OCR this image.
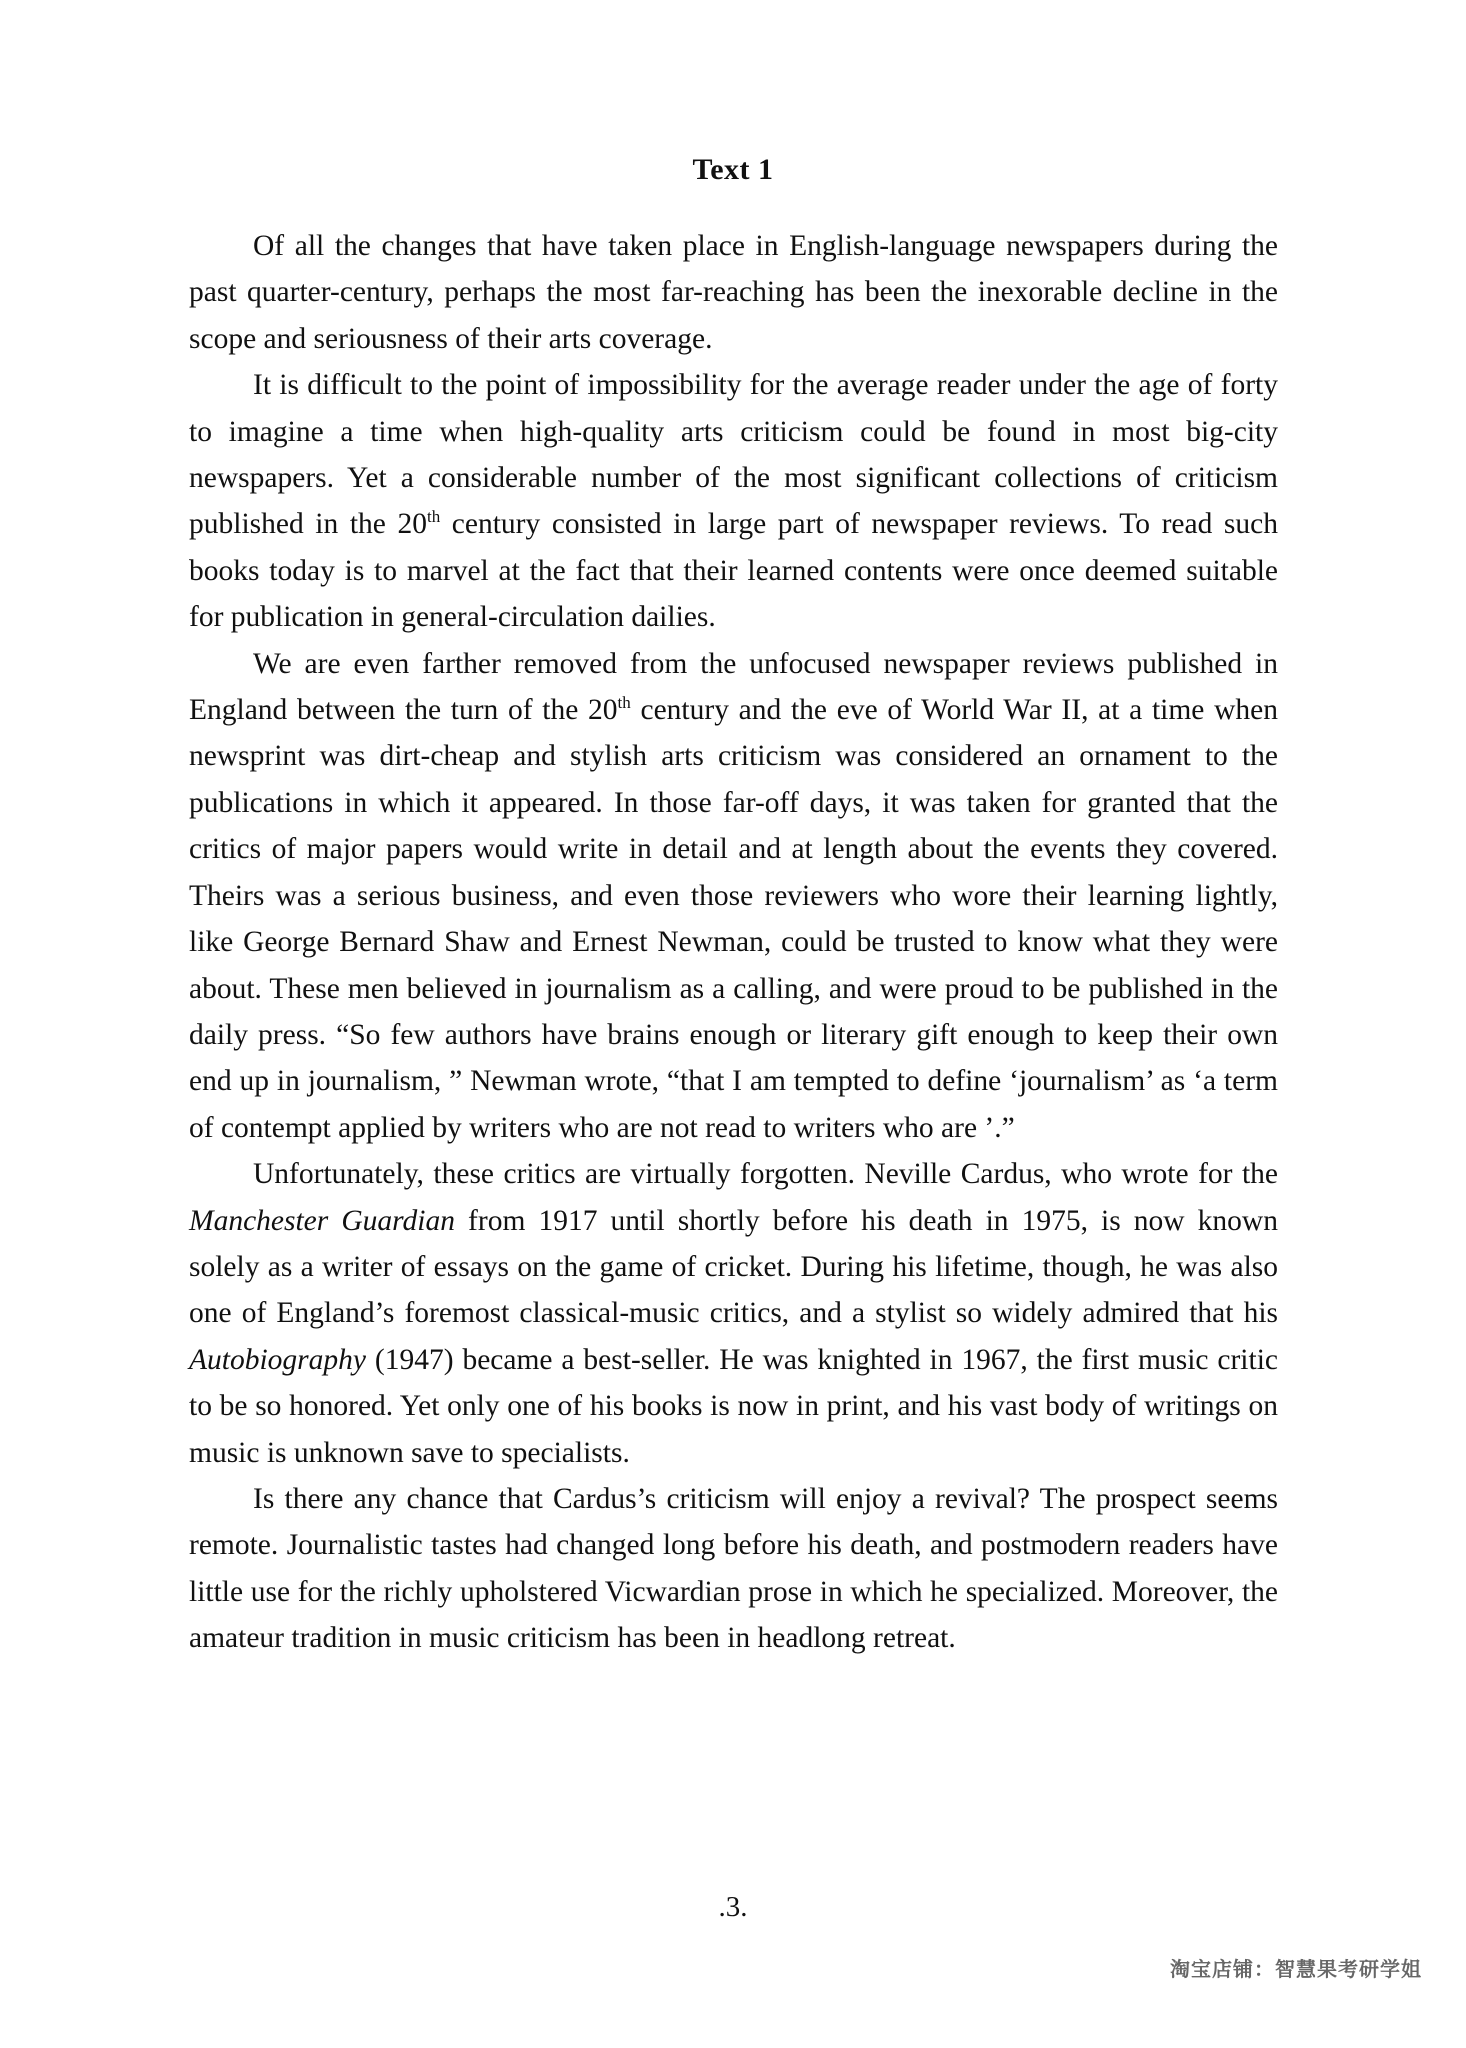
Text 1

Of all the changes that have taken place in English-language newspapers during the past quarter-century, perhaps the most far-reaching has been the inexorable decline in the scope and seriousness of their arts coverage.

It is difficult to the point of impossibility for the average reader under the age of forty to imagine a time when high-quality arts criticism could be found in most big-city newspapers. Yet a considerable number of the most significant collections of criticism published in the 20th century consisted in large part of newspaper reviews. To read such books today is to marvel at the fact that their learned contents were once deemed suitable for publication in general-circulation dailies.

We are even farther removed from the unfocused newspaper reviews published in England between the turn of the 20th century and the eve of World War II, at a time when newsprint was dirt-cheap and stylish arts criticism was considered an ornament to the publications in which it appeared. In those far-off days, it was taken for granted that the critics of major papers would write in detail and at length about the events they covered. Theirs was a serious business, and even those reviewers who wore their learning lightly, like George Bernard Shaw and Ernest Newman, could be trusted to know what they were about. These men believed in journalism as a calling, and were proud to be published in the daily press. “So few authors have brains enough or literary gift enough to keep their own end up in journalism, ” Newman wrote, “that I am tempted to define ‘journalism’ as ‘a term of contempt applied by writers who are not read to writers who are ’.”

Unfortunately, these critics are virtually forgotten. Neville Cardus, who wrote for the Manchester Guardian from 1917 until shortly before his death in 1975, is now known solely as a writer of essays on the game of cricket. During his lifetime, though, he was also one of England’s foremost classical-music critics, and a stylist so widely admired that his Autobiography (1947) became a best-seller. He was knighted in 1967, the first music critic to be so honored. Yet only one of his books is now in print, and his vast body of writings on music is unknown save to specialists.

Is there any chance that Cardus’s criticism will enjoy a revival? The prospect seems remote. Journalistic tastes had changed long before his death, and postmodern readers have little use for the richly upholstered Vicwardian prose in which he specialized. Moreover, the amateur tradition in music criticism has been in headlong retreat.

.3.
淘宝店铺：智慧果考研学姐
